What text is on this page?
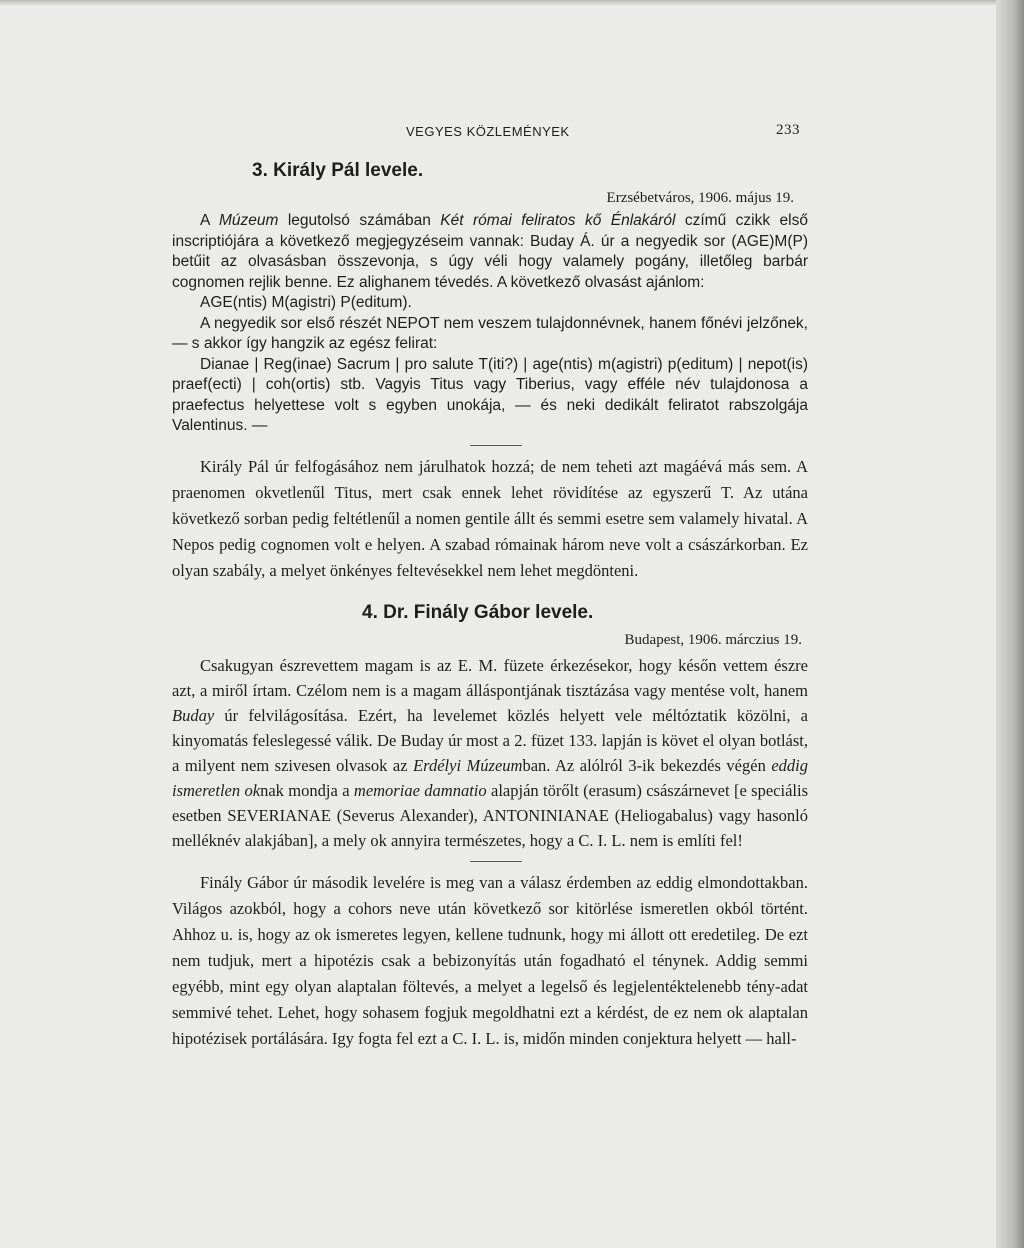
VEGYES KÖZLEMÉNYEK	233
3. Király Pál levele.
Erzsébetváros, 1906. május 19.

A Múzeum legutolsó számában Két római feliratos kő Énlakáról czímű czikk első inscriptiójára a következő megjegyzéseim vannak: Buday Á. úr a negyedik sor (AGE)M(P) betűit az olvasásban összevonja, s úgy véli hogy valamely pogány, illetőleg barbár cognomen rejlik benne. Ez alighanem tévedés. A következő olvasást ajánlom:

AGE(ntis) M(agistri) P(editum).

A negyedik sor első részét NEPOT nem veszem tulajdonnévnek, hanem főnévi jelzőnek, — s akkor így hangzik az egész felirat:

Dianae | Reg(inae) Sacrum | pro salute T(iti?) | age(ntis) m(agistri) p(editum) | nepot(is) praef(ecti) | coh(ortis) stb. Vagyis Titus vagy Tiberius, vagy efféle név tulajdonosa a praefectus helyettese volt s egyben unokája, — és neki dedikált feliratot rabszolgája Valentinus. —

Király Pál úr felfogásához nem járulhatok hozzá; de nem teheti azt magáévá más sem. A praenomen okvetlenűl Titus, mert csak ennek lehet rövidítése az egyszerű T. Az utána következő sorban pedig feltétlenűl a nomen gentile állt és semmi esetre sem valamely hivatal. A Nepos pedig cognomen volt e helyen. A szabad rómainak három neve volt a császárkorban. Ez olyan szabály, a melyet önkényes feltevésekkel nem lehet megdönteni.

4. Dr. Finály Gábor levele.
Budapest, 1906. márczius 19.

Csakugyan észrevettem magam is az E. M. füzete érkezésekor, hogy későn vettem észre azt, a miről írtam. Czélom nem is a magam álláspontjának tisztázása vagy mentése volt, hanem Buday úr felvilágosítása. Ezért, ha levelemet közlés helyett vele méltóztatik közölni, a kinyomatás feleslegessé válik. De Buday úr most a 2. füzet 133. lapján is követ el olyan botlást, a milyent nem szivesen olvasok az Erdélyi Múzeumban. Az alólról 3-ik bekezdés végén eddig ismeretlen oknak mondja a memoriae damnatio alapján törőlt (erasum) császárnevet [e speciális esetben SEVERIANAE (Severus Alexander), ANTONINIANAE (Heliogabalus) vagy hasonló melléknév alakjában], a mely ok annyira természetes, hogy a C. I. L. nem is említi fel!

Finály Gábor úr második levelére is meg van a válasz érdemben az eddig elmondottakban. Világos azokból, hogy a cohors neve után következő sor kitörlése ismeretlen okból történt. Ahhoz u. is, hogy az ok ismeretes legyen, kellene tudnunk, hogy mi állott ott eredetileg. De ezt nem tudjuk, mert a hipotézis csak a bebizonyítás után fogadható el ténynek. Addig semmi egyébb, mint egy olyan alaptalan föltevés, a melyet a legelső és legjelentéktelenebb tény-adat semmivé tehet. Lehet, hogy sohasem fogjuk megoldhatni ezt a kérdést, de ez nem ok alaptalan hipotézisek portálására. Igy fogta fel ezt a C. I. L. is, midőn minden conjektura helyett — hall-
